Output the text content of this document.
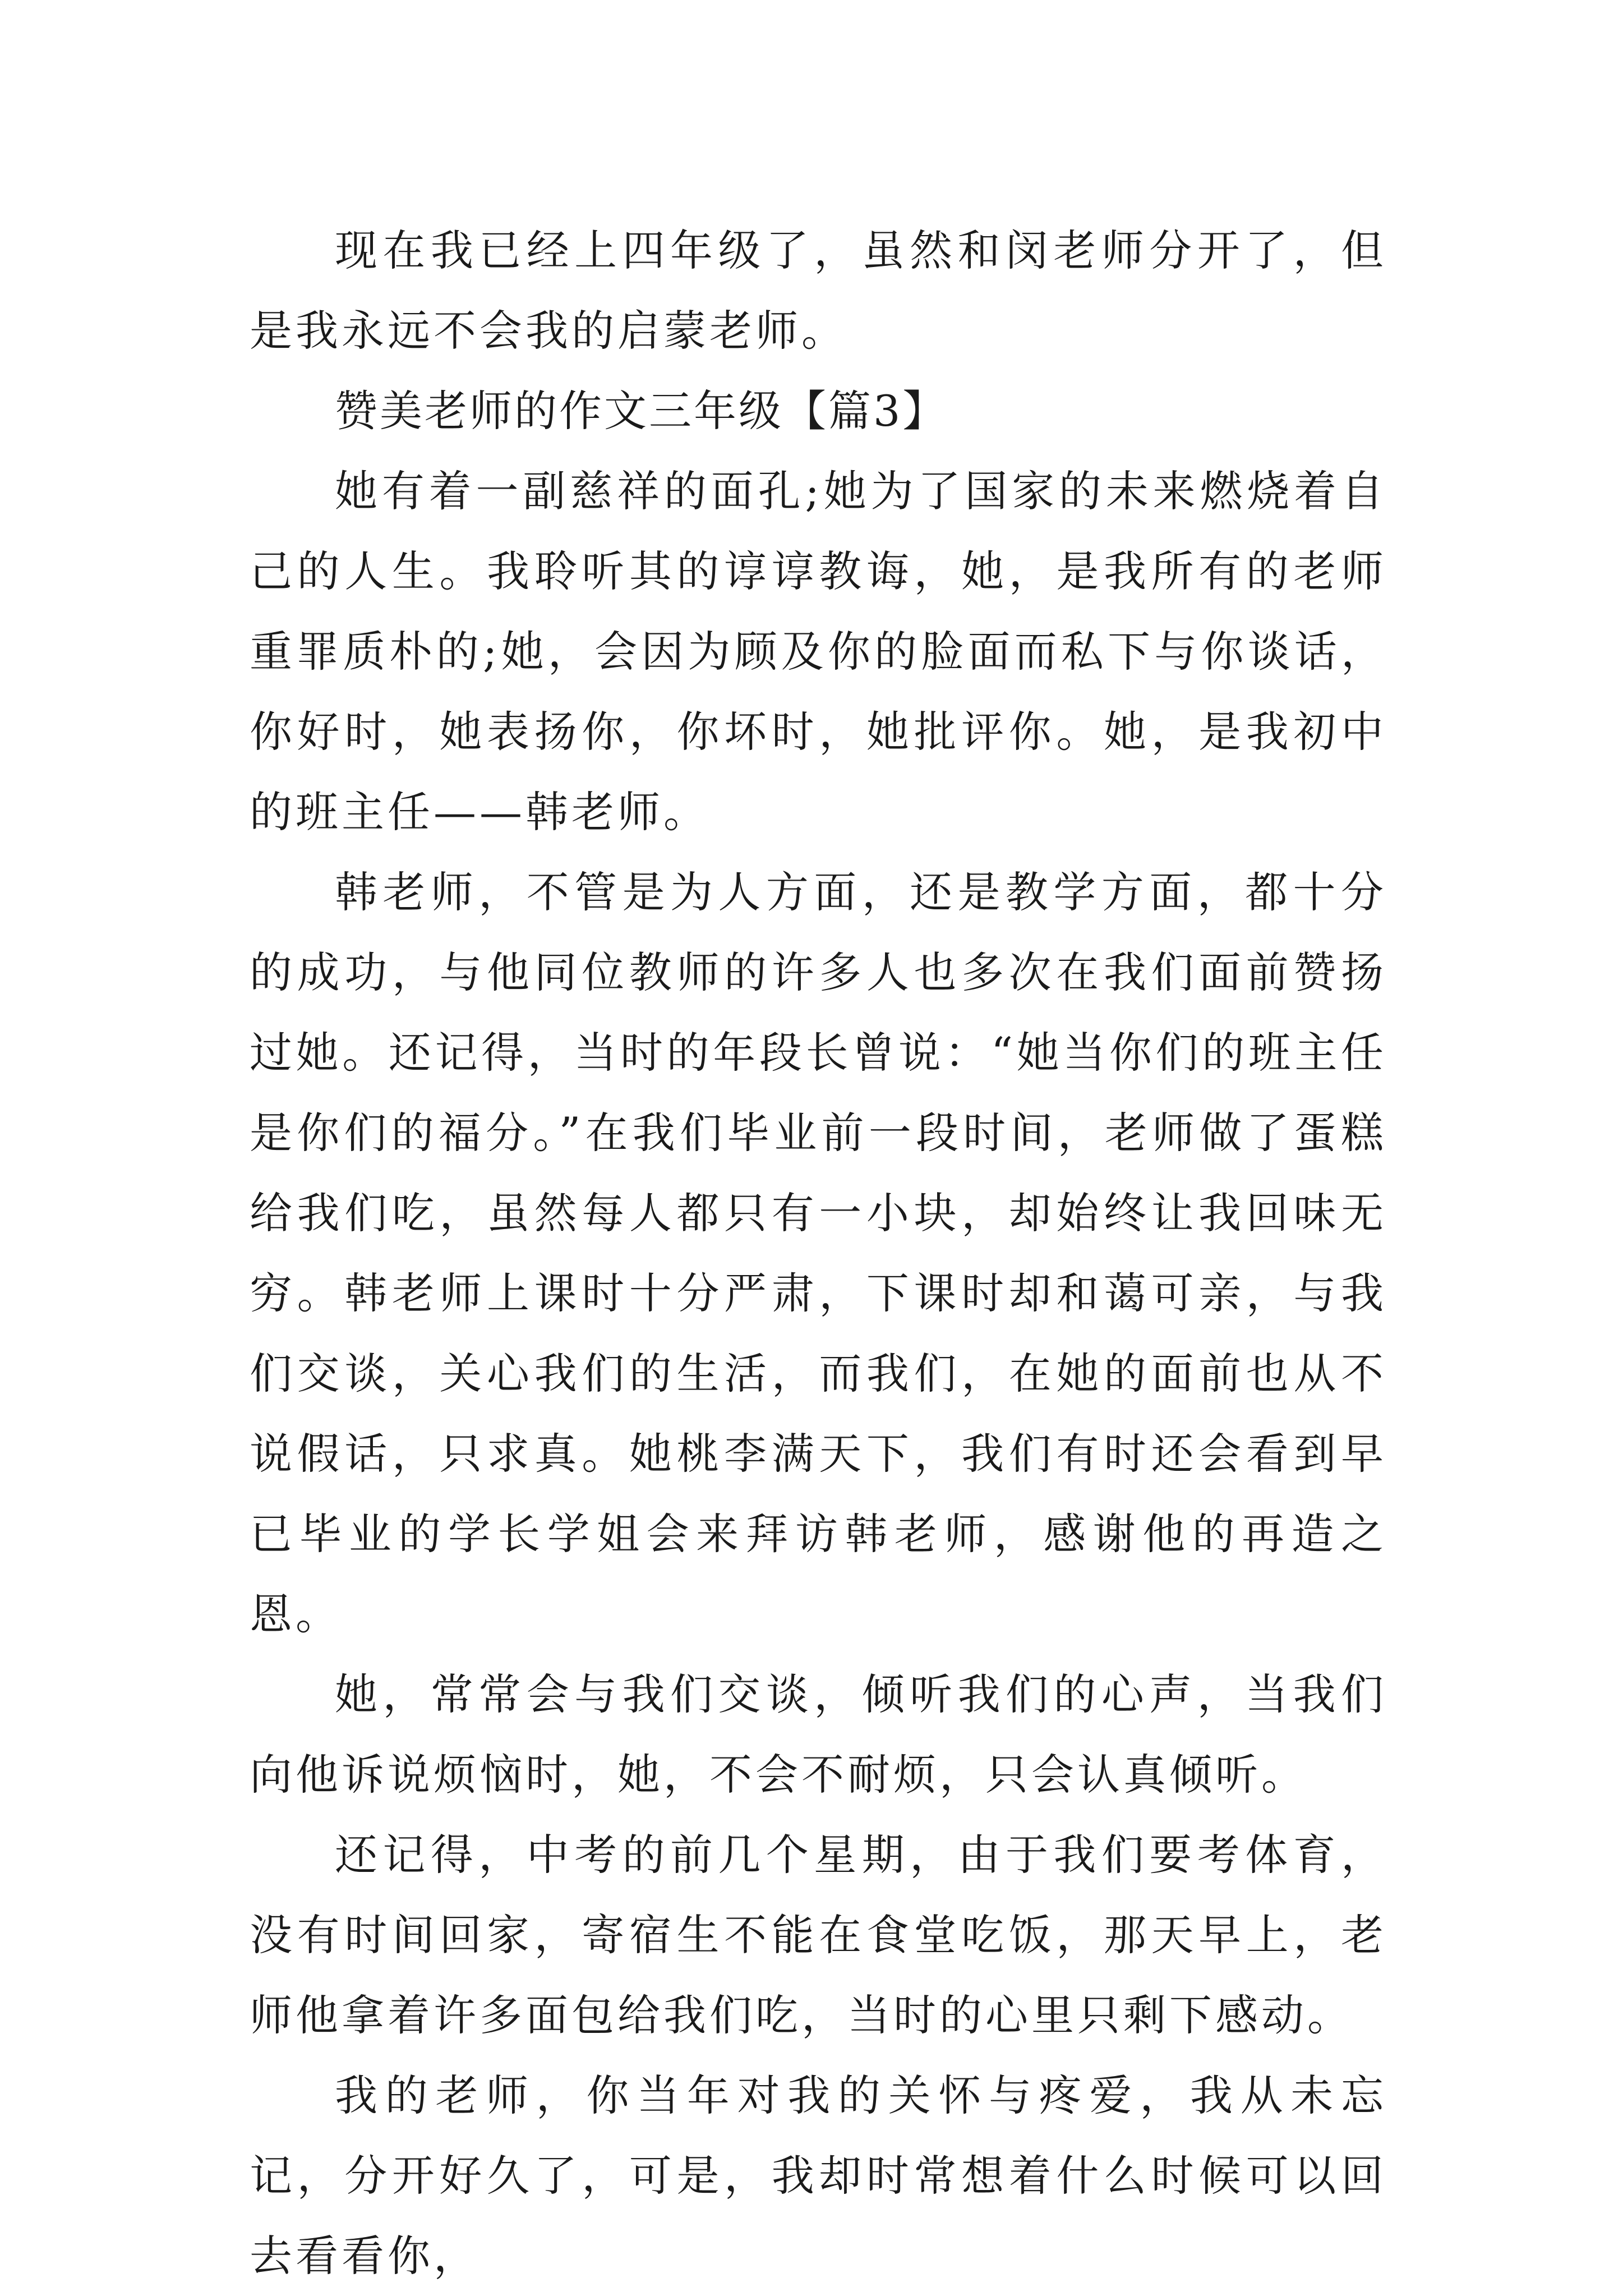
现在我已经上四年级了，虽然和闵老师分开了，但是我永远不会我的启蒙老师。

赞美老师的作文三年级【篇3】

她有着一副慈祥的面孔;她为了国家的未来燃烧着自己的人生。我聆听其的谆谆教诲，她，是我所有的老师重罪质朴的;她，会因为顾及你的脸面而私下与你谈话，你好时，她表扬你，你坏时，她批评你。她，是我初中的班主任——韩老师。

韩老师，不管是为人方面，还是教学方面，都十分的成功，与他同位教师的许多人也多次在我们面前赞扬过她。还记得，当时的年段长曾说：“她当你们的班主任是你们的福分。”在我们毕业前一段时间，老师做了蛋糕给我们吃，虽然每人都只有一小块，却始终让我回味无穷。韩老师上课时十分严肃，下课时却和蔼可亲，与我们交谈，关心我们的生活，而我们，在她的面前也从不说假话，只求真。她桃李满天下，我们有时还会看到早已毕业的学长学姐会来拜访韩老师，感谢他的再造之恩。

她，常常会与我们交谈，倾听我们的心声，当我们向他诉说烦恼时，她，不会不耐烦，只会认真倾听。

还记得，中考的前几个星期，由于我们要考体育，没有时间回家，寄宿生不能在食堂吃饭，那天早上，老师他拿着许多面包给我们吃，当时的心里只剩下感动。

我的老师，你当年对我的关怀与疼爱，我从未忘记，分开好久了，可是，我却时常想着什么时候可以回去看看你，
